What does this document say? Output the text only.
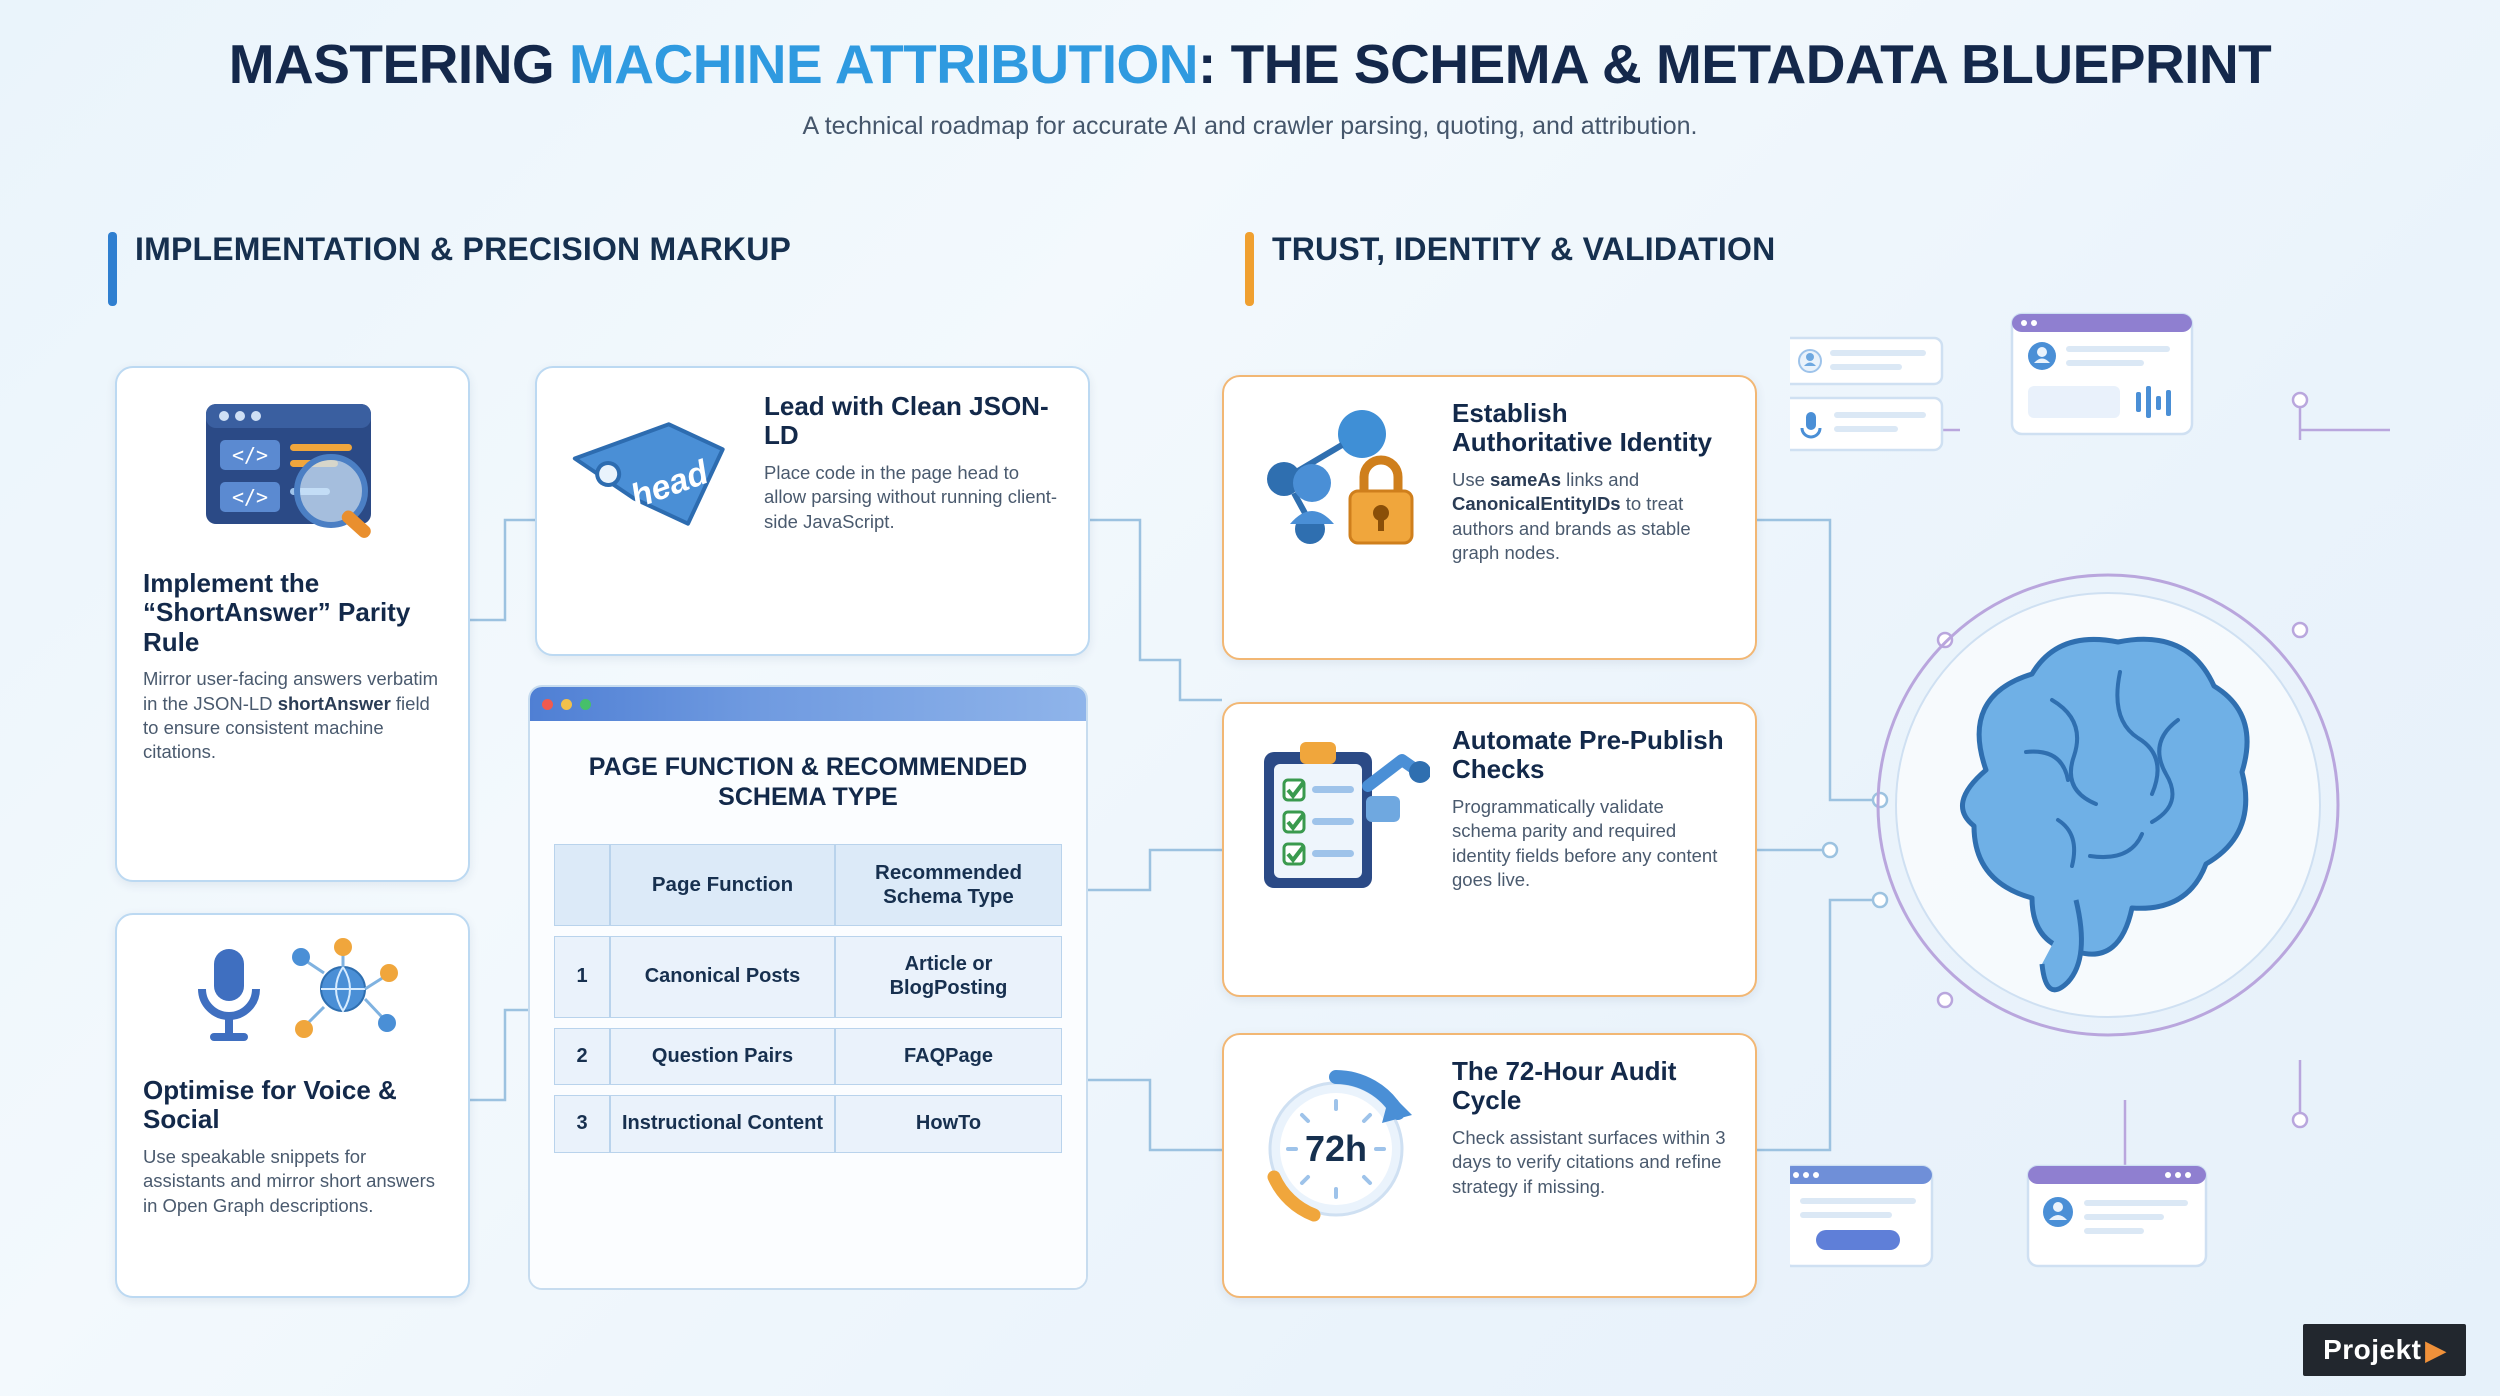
MASTERING MACHINE ATTRIBUTION: THE SCHEMA & METADATA BLUEPRINT

A technical roadmap for accurate AI and crawler parsing, quoting, and attribution.

IMPLEMENTATION & PRECISION MARKUP	TRUST, IDENTITY & VALIDATION
</>
</>
Implement the “ShortAnswer” Parity Rule

Mirror user-facing answers verbatim in the JSON-LD shortAnswer field to ensure consistent machine citations.

Optimise for Voice & Social

Use speakable snippets for assistants and mirror short answers in Open Graph descriptions.

head
Lead with Clean JSON-LD

Place code in the page head to allow parsing without running client-side JavaScript.

PAGE FUNCTION & RECOMMENDED SCHEMA TYPE
	Page Function	Recommended Schema Type
1	Canonical Posts	Article or BlogPosting
2	Question Pairs	FAQPage
3	Instructional Content	HowTo
Establish Authoritative Identity

Use sameAs links and CanonicalEntityIDs to treat authors and brands as stable graph nodes.

Automate Pre-Publish Checks

Programmatically validate schema parity and required identity fields before any content goes live.

72h
The 72-Hour Audit Cycle

Check assistant surfaces within 3 days to verify citations and refine strategy if missing.

Projekt ▶
